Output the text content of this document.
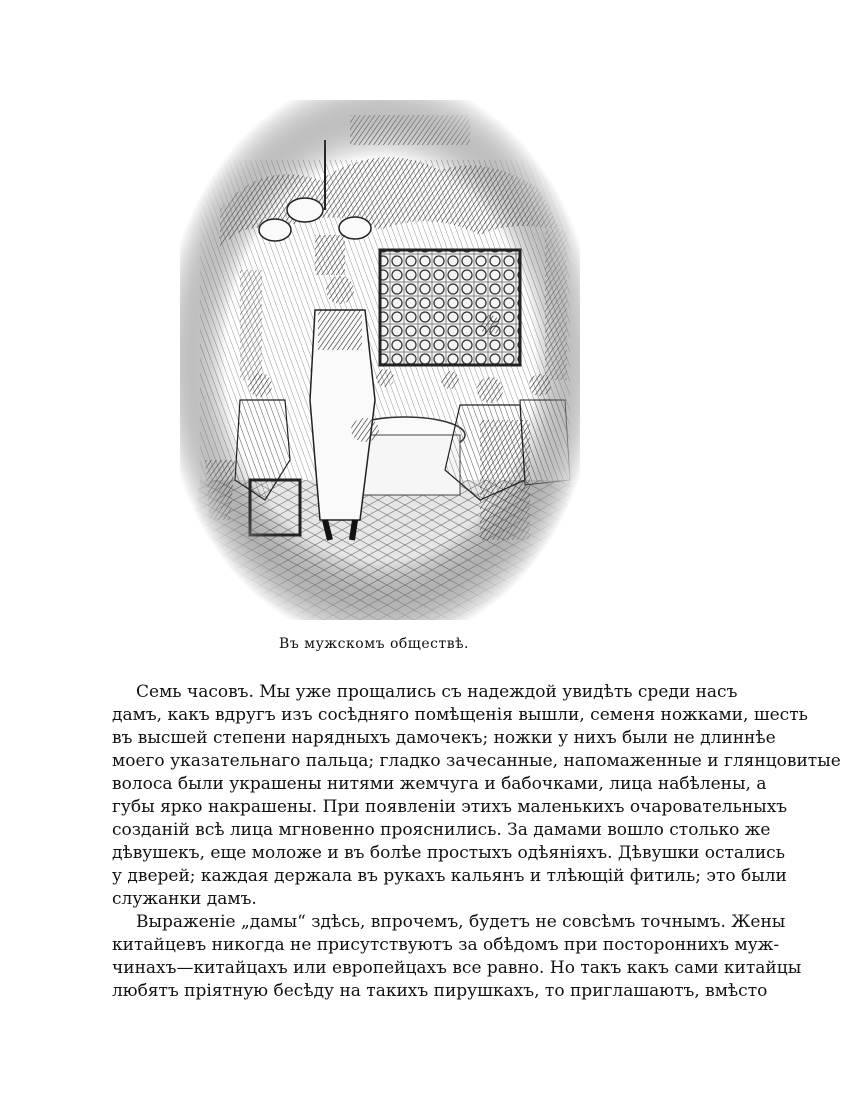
Въ мужскомъ обществѣ.

Семь часовъ. Мы уже прощались съ надеждой увидѣть среди насъ
дамъ, какъ вдругъ изъ сосѣдняго помѣщенія вышли, семеня ножками, шесть
въ высшей степени нарядныхъ дамочекъ; ножки у нихъ были не длиннѣе
моего указательнаго пальца; гладко зачесанные, напомаженные и глянцовитые
волоса были украшены нитями жемчуга и бабочками, лица набѣлены, а
губы ярко накрашены. При появленіи этихъ маленькихъ очаровательныхъ
созданій всѣ лица мгновенно прояснились. За дамами вошло столько же
дѣвушекъ, еще моложе и въ болѣе простыхъ одѣяніяхъ. Дѣвушки остались
у дверей; каждая держала въ рукахъ кальянъ и тлѣющій фитиль; это были
служанки дамъ.

Выраженіе „дамы“ здѣсь, впрочемъ, будетъ не совсѣмъ точнымъ. Жены
китайцевъ никогда не присутствуютъ за обѣдомъ при постороннихъ муж-
чинахъ—китайцахъ или европейцахъ все равно. Но такъ какъ сами китайцы
любятъ пріятную бесѣду на такихъ пирушкахъ, то приглашаютъ, вмѣсто
